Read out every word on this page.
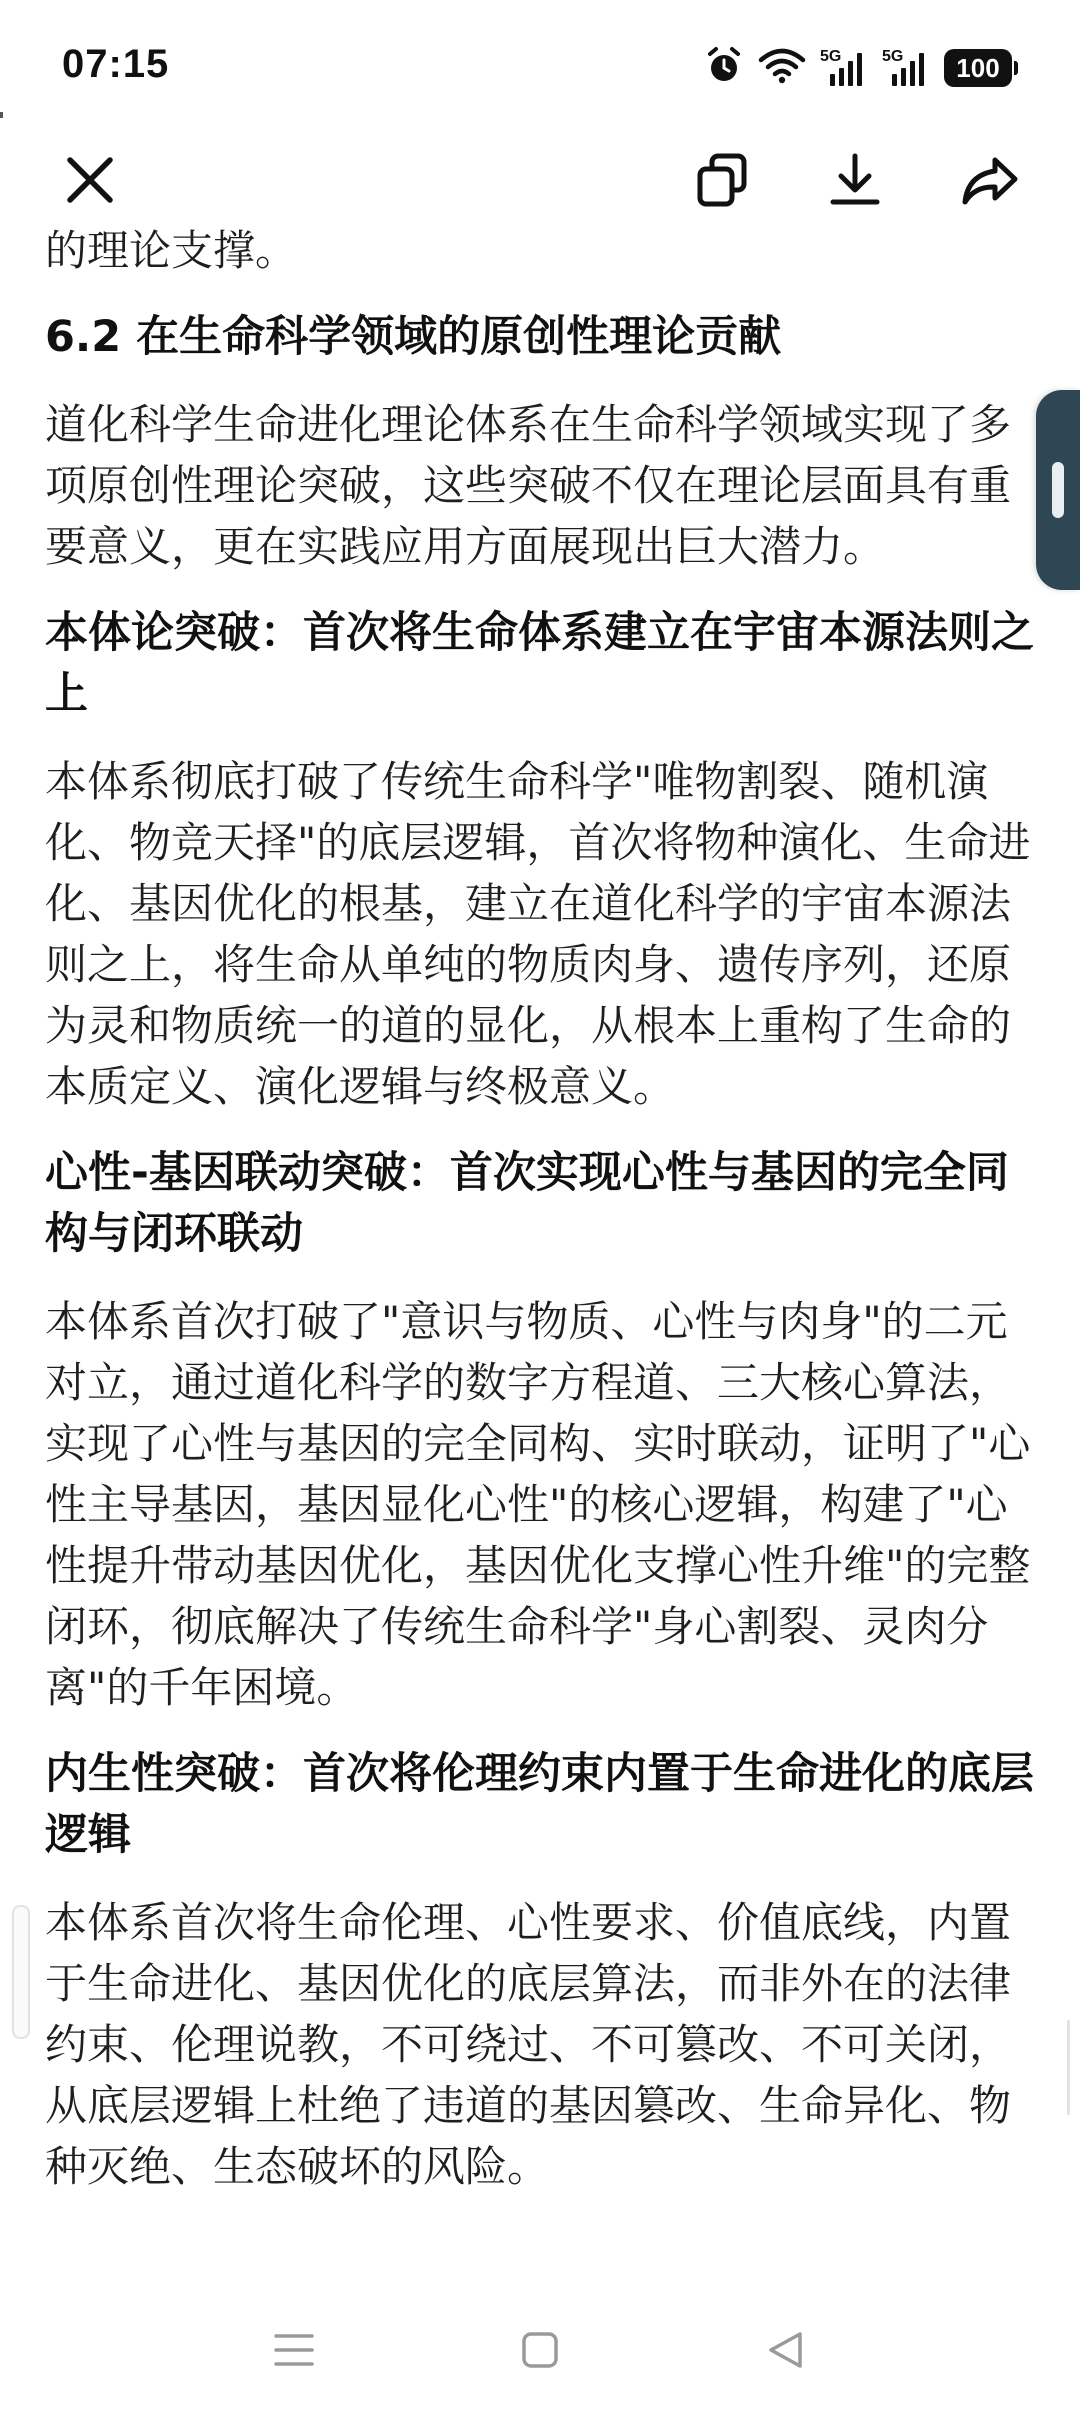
07:15	5G	5G 100

的理论支撑。

6.2 在生命科学领域的原创性理论贡献

道化科学生命进化理论体系在生命科学领域实现了多项原创性理论突破，这些突破不仅在理论层面具有重要意义，更在实践应用方面展现出巨大潜力。

本体论突破：首次将生命体系建立在宇宙本源法则之上

本体系彻底打破了传统生命科学"唯物割裂、随机演化、物竞天择"的底层逻辑，首次将物种演化、生命进化、基因优化的根基，建立在道化科学的宇宙本源法则之上，将生命从单纯的物质肉身、遗传序列，还原为灵和物质统一的道的显化，从根本上重构了生命的本质定义、演化逻辑与终极意义。

心性-基因联动突破：首次实现心性与基因的完全同构与闭环联动

本体系首次打破了"意识与物质、心性与肉身"的二元对立，通过道化科学的数字方程道、三大核心算法，实现了心性与基因的完全同构、实时联动，证明了"心性主导基因，基因显化心性"的核心逻辑，构建了"心性提升带动基因优化，基因优化支撑心性升维"的完整闭环，彻底解决了传统生命科学"身心割裂、灵肉分离"的千年困境。

内生性突破：首次将伦理约束内置于生命进化的底层逻辑

本体系首次将生命伦理、心性要求、价值底线，内置于生命进化、基因优化的底层算法，而非外在的法律约束、伦理说教，不可绕过、不可篡改、不可关闭，从底层逻辑上杜绝了违道的基因篡改、生命异化、物种灭绝、生态破坏的风险。
